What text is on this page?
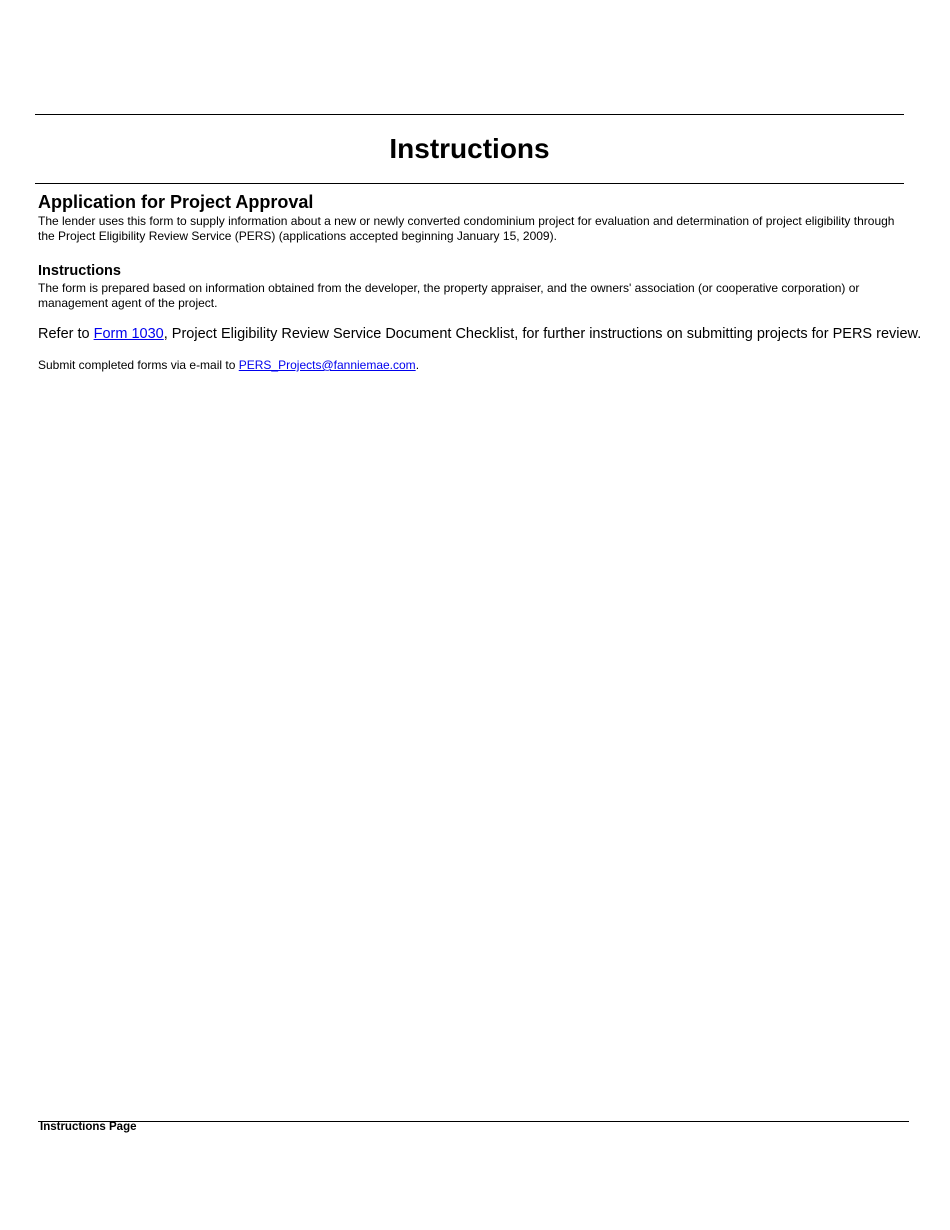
Instructions
Application for Project Approval

The lender uses this form to supply information about a new or newly converted condominium project for evaluation and determination of project eligibility through the Project Eligibility Review Service (PERS) (applications accepted beginning January 15, 2009).

Instructions

The form is prepared based on information obtained from the developer, the property appraiser, and the owners' association (or cooperative corporation) or management agent of the project.

Refer to Form 1030, Project Eligibility Review Service Document Checklist, for further instructions on submitting projects for PERS review.

Submit completed forms via e-mail to PERS_Projects@fanniemae.com.

Instructions Page
